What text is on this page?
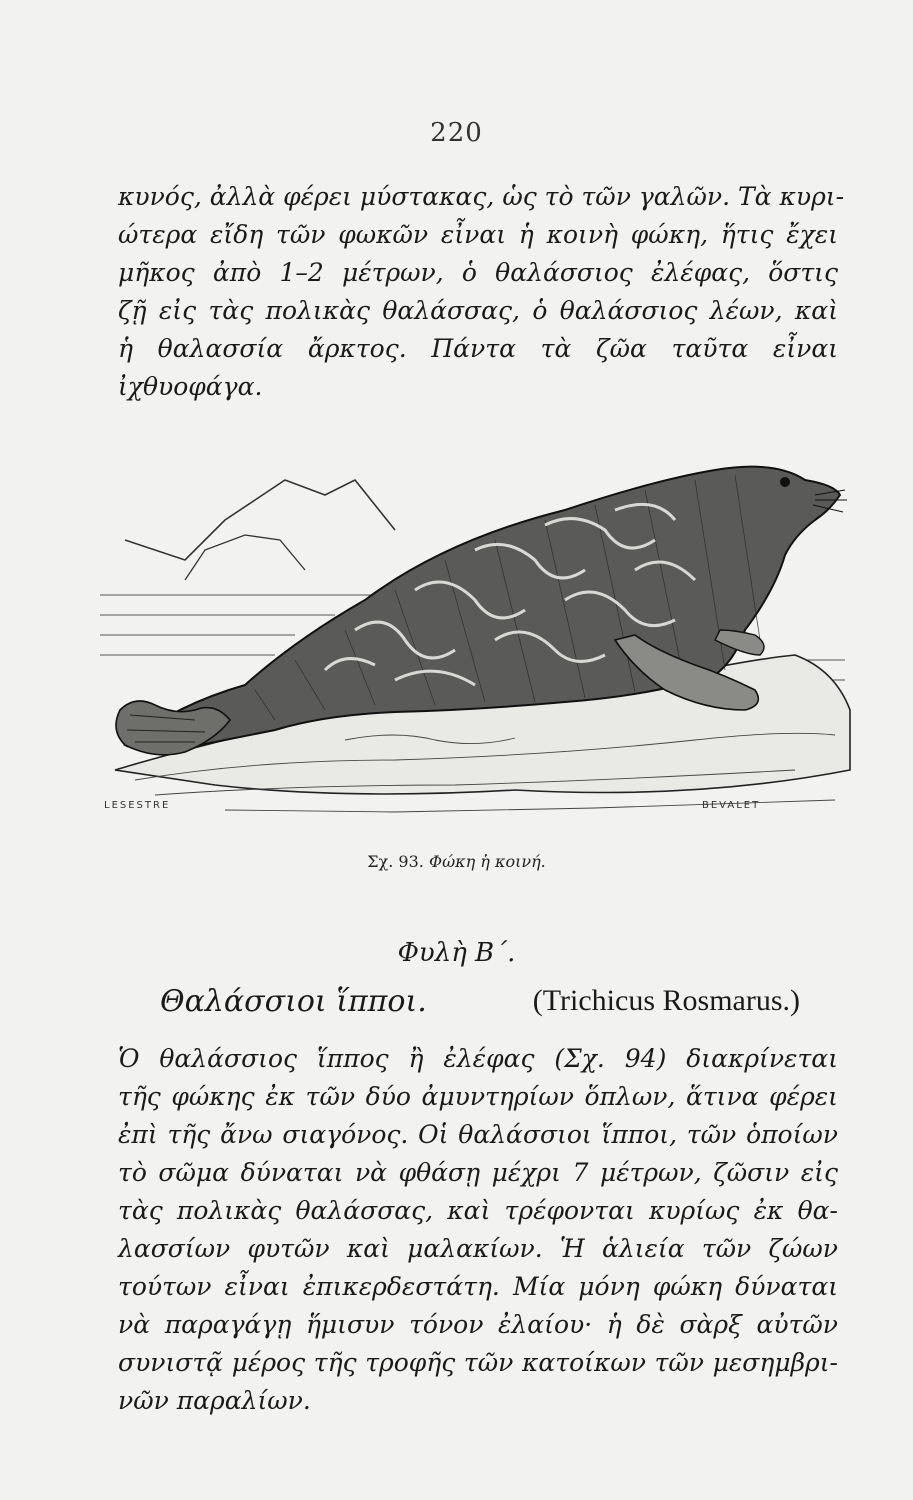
220
κυνός, ἀλλὰ φέρει μύστακας, ὡς τὸ τῶν γαλῶν. Τὰ κυρι-
ώτερα εἴδη τῶν φωκῶν εἶναι ἡ κοινὴ φώκη, ἥτις ἔχει
μῆκος ἀπὸ 1–2 μέτρων, ὁ θαλάσσιος ἐλέφας, ὅστις
ζῇ εἰς τὰς πολικὰς θαλάσσας, ὁ θαλάσσιος λέων, καὶ
ἡ θαλασσία ἄρκτος. Πάντα τὰ ζῶα ταῦτα εἶναι
ἰχθυοφάγα.
LESESTRE	BEVALET
Σχ. 93. Φώκη ἡ κοινή.
Φυλὴ Β΄.
Θαλάσσιοι ἵπποι.	(Trichicus Rosmarus.)
Ὁ θαλάσσιος ἵππος ἢ ἐλέφας (Σχ. 94) διακρίνεται
τῆς φώκης ἐκ τῶν δύο ἀμυντηρίων ὅπλων, ἅτινα φέρει
ἐπὶ τῆς ἄνω σιαγόνος. Οἱ θαλάσσιοι ἵπποι, τῶν ὁποίων
τὸ σῶμα δύναται νὰ φθάσῃ μέχρι 7 μέτρων, ζῶσιν εἰς
τὰς πολικὰς θαλάσσας, καὶ τρέφονται κυρίως ἐκ θα-
λασσίων φυτῶν καὶ μαλακίων. Ἡ ἁλιεία τῶν ζώων
τούτων εἶναι ἐπικερδεστάτη. Μία μόνη φώκη δύναται
νὰ παραγάγῃ ἥμισυν τόνον ἐλαίου· ἡ δὲ σὰρξ αὐτῶν
συνιστᾷ μέρος τῆς τροφῆς τῶν κατοίκων τῶν μεσημβρι-
νῶν παραλίων.
